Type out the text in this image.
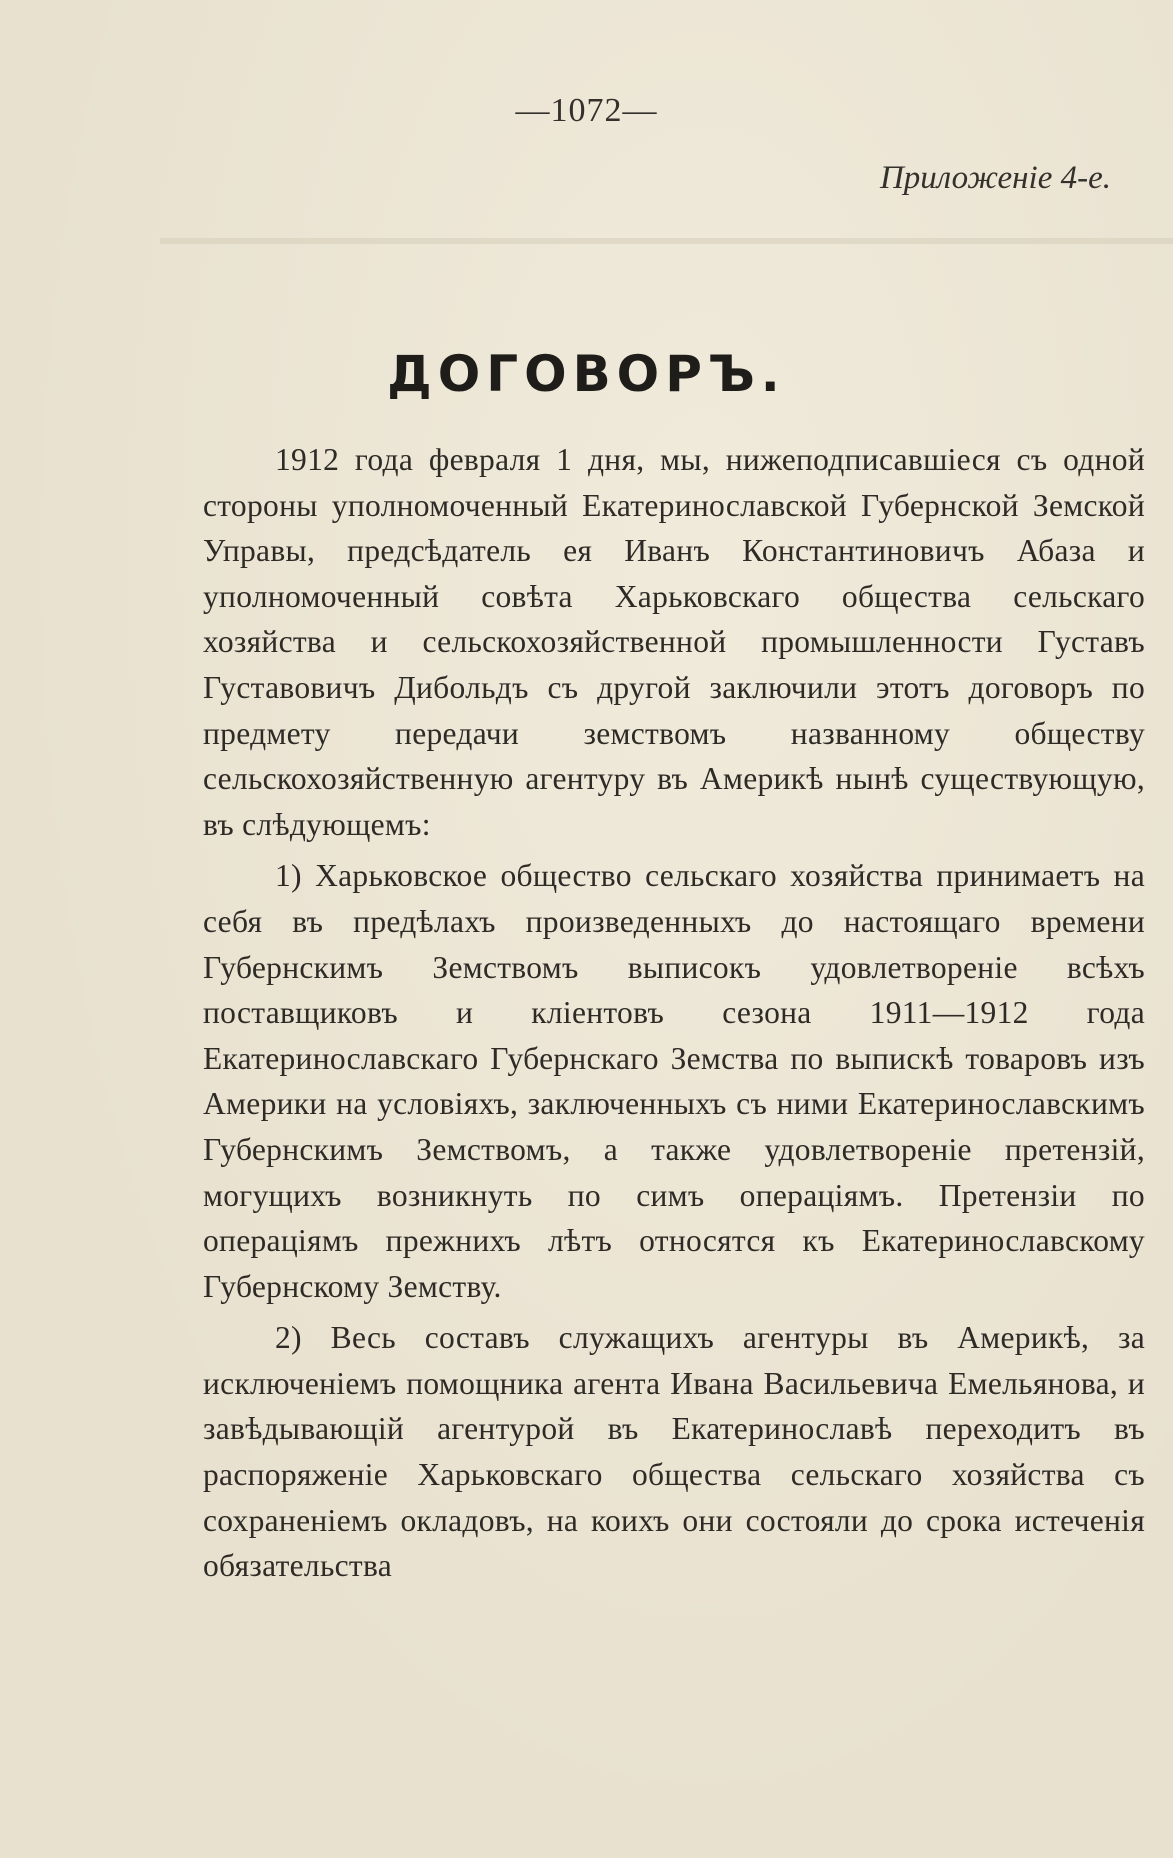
—1072—
Приложенiе 4-е.
ДОГОВОРЪ.

1912 года февраля 1 дня, мы, нижеподписавшiеся съ одной стороны уполномоченный Екатеринославской Губернской Земской Управы, предсѣдатель ея Иванъ Константиновичъ Абаза и уполномоченный совѣта Харьковскаго общества сельскаго хозяйства и сельскохозяйственной промышленности Густавъ Густавовичъ Дибольдъ съ другой заключили этотъ договоръ по предмету передачи земствомъ названному обществу сельскохозяйственную агентуру въ Америкѣ нынѣ существующую, въ слѣдующемъ:

1) Харьковское общество сельскаго хозяйства принимаетъ на себя въ предѣлахъ произведенныхъ до настоящаго времени Губернскимъ Земствомъ выписокъ удовлетворенiе всѣхъ поставщиковъ и клiентовъ сезона 1911—1912 года Екатеринославскаго Губернскаго Земства по выпискѣ товаровъ изъ Америки на условiяхъ, заключенныхъ съ ними Екатеринославскимъ Губернскимъ Земствомъ, а также удовлетворенiе претензiй, могущихъ возникнуть по симъ операцiямъ. Претензiи по операцiямъ прежнихъ лѣтъ относятся къ Екатеринославскому Губернскому Земству.

2) Весь составъ служащихъ агентуры въ Америкѣ, за исключенiемъ помощника агента Ивана Васильевича Емельянова, и завѣдывающiй агентурой въ Екатеринославѣ переходитъ въ распоряженiе Харьковскаго общества сельскаго хозяйства съ сохраненiемъ окладовъ, на коихъ они состояли до срока истеченiя обязательства
